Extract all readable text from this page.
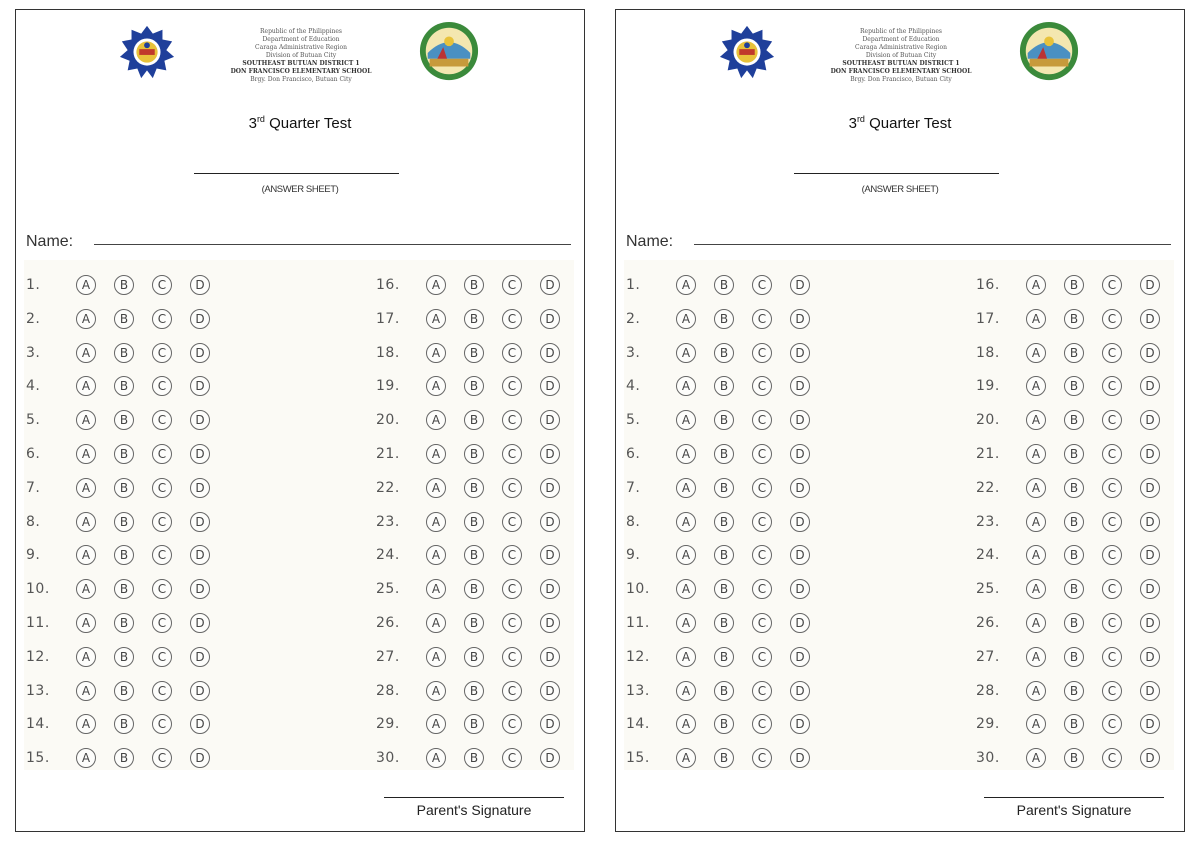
Republic of the Philippines
Department of Education
Caraga Administrative Region
Division of Butuan City
SOUTHEAST BUTUAN DISTRICT 1
DON FRANCISCO ELEMENTARY SCHOOL
Brgy. Don Francisco, Butuan City
3rd Quarter Test
(ANSWER SHEET)
Name:
1.	A	B	C	D
2.	A	B	C	D
3.	A	B	C	D
4.	A	B	C	D
5.	A	B	C	D
6.	A	B	C	D
7.	A	B	C	D
8.	A	B	C	D
9.	A	B	C	D
10.	A	B	C	D
11.	A	B	C	D
12.	A	B	C	D
13.	A	B	C	D
14.	A	B	C	D
15.	A	B	C	D
16.	A	B	C	D
17.	A	B	C	D
18.	A	B	C	D
19.	A	B	C	D
20.	A	B	C	D
21.	A	B	C	D
22.	A	B	C	D
23.	A	B	C	D
24.	A	B	C	D
25.	A	B	C	D
26.	A	B	C	D
27.	A	B	C	D
28.	A	B	C	D
29.	A	B	C	D
30.	A	B	C	D
Parent's Signature
Republic of the Philippines
Department of Education
Caraga Administrative Region
Division of Butuan City
SOUTHEAST BUTUAN DISTRICT 1
DON FRANCISCO ELEMENTARY SCHOOL
Brgy. Don Francisco, Butuan City
3rd Quarter Test
(ANSWER SHEET)
Name:
1.	A	B	C	D
2.	A	B	C	D
3.	A	B	C	D
4.	A	B	C	D
5.	A	B	C	D
6.	A	B	C	D
7.	A	B	C	D
8.	A	B	C	D
9.	A	B	C	D
10.	A	B	C	D
11.	A	B	C	D
12.	A	B	C	D
13.	A	B	C	D
14.	A	B	C	D
15.	A	B	C	D
16.	A	B	C	D
17.	A	B	C	D
18.	A	B	C	D
19.	A	B	C	D
20.	A	B	C	D
21.	A	B	C	D
22.	A	B	C	D
23.	A	B	C	D
24.	A	B	C	D
25.	A	B	C	D
26.	A	B	C	D
27.	A	B	C	D
28.	A	B	C	D
29.	A	B	C	D
30.	A	B	C	D
Parent's Signature
